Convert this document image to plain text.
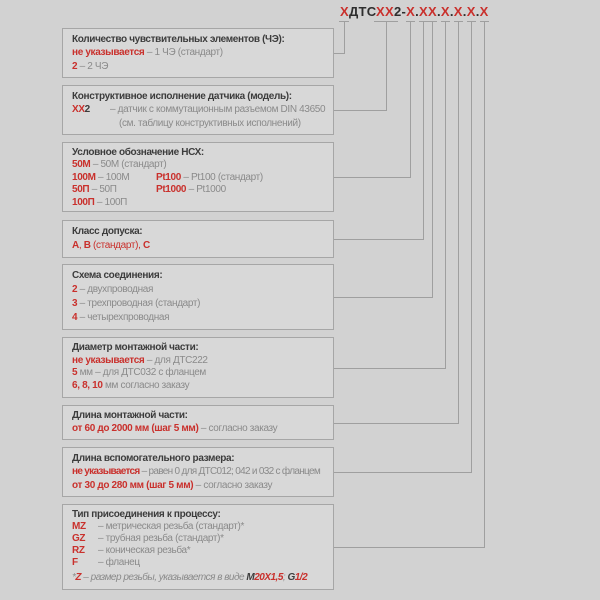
ХДТСХХ2-Х.ХХ.Х.Х.Х.Х
Количество чувствительных элементов (ЧЭ):
не указывается – 1 ЧЭ (стандарт)
2 – 2 ЧЭ
Конструктивное исполнение датчика (модель):
ХХ2 – датчик с коммутационным разъемом DIN 43650
(см. таблицу конструктивных исполнений)
Условное обозначение НСХ:
50М – 50М (стандарт)
100М – 100М	Pt100 – Pt100 (стандарт)
50П – 50П	Pt1000 – Pt1000
100П – 100П
Класс допуска:
А, В (стандарт), С
Схема соединения:
2 – двухпроводная
3 – трехпроводная (стандарт)
4 – четырехпроводная
Диаметр монтажной части:
не указывается – для ДТС222
5 мм – для ДТС032 с фланцем
6, 8, 10 мм согласно заказу
Длина монтажной части:
от 60 до 2000 мм (шаг 5 мм) – согласно заказу
Длина вспомогательного размера:
не указывается – равен 0 для ДТС012; 042 и 032 с фланцем
от 30 до 280 мм (шаг 5 мм) – согласно заказу
Тип присоединения к процессу:
MZ – метрическая резьба (стандарт)*
GZ – трубная резьба (стандарт)*
RZ – коническая резьба*
F – фланец
*Z – размер резьбы, указывается в виде М20Х1,5; G1/2
